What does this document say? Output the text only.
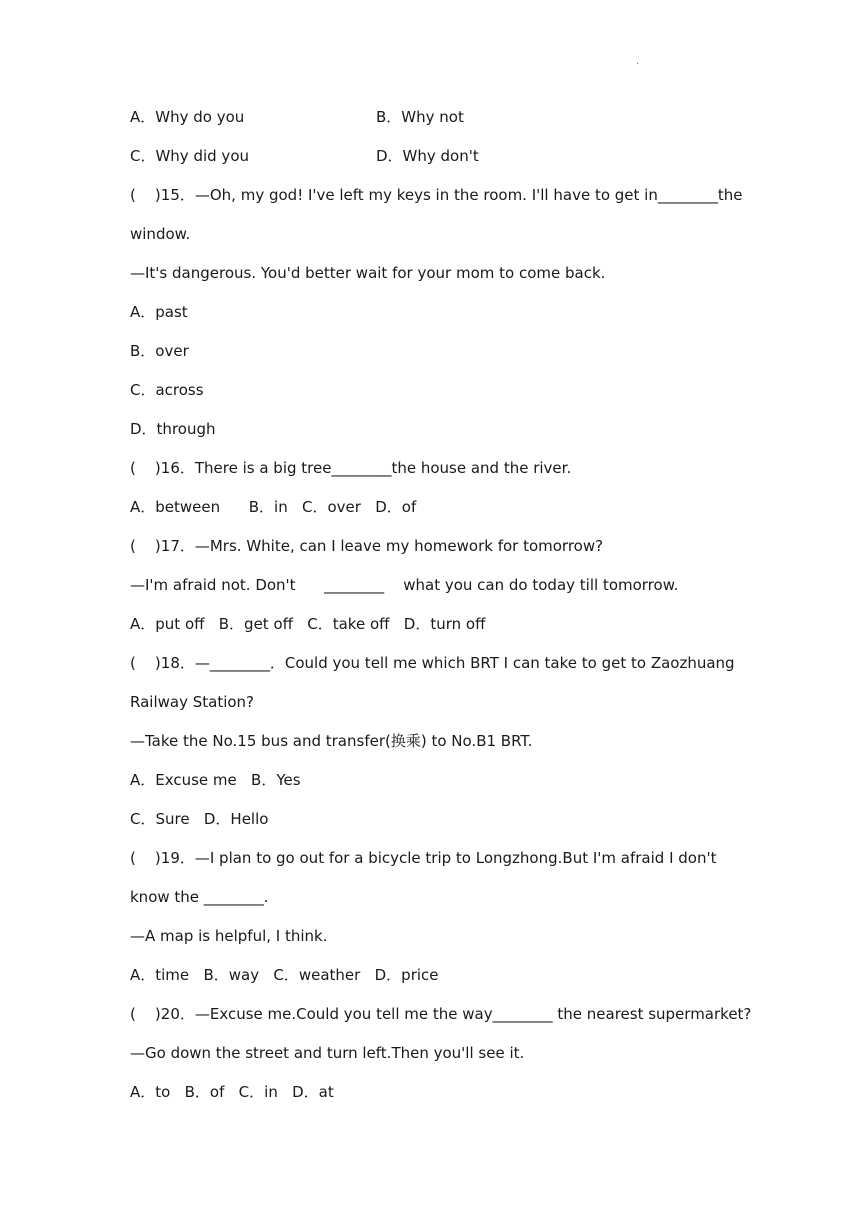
.
A．Why do you	B．Why not
C．Why did you	D．Why don't
(    )15．—Oh, my god! I've left my keys in the room. I'll have to get in________the
window.
—It's dangerous. You'd better wait for your mom to come back.
A．past
B．over
C．across
D．through
(    )16．There is a big tree________the house and the river.
A．between      B．in   C．over   D．of
(    )17．—Mrs. White, can I leave my homework for tomorrow?
—I'm afraid not. Don't      ________    what you can do today till tomorrow.
A．put off   B．get off   C．take off   D．turn off
(    )18．—________．Could you tell me which BRT I can take to get to Zaozhuang
Railway Station?
—Take the No.15 bus and transfer(换乘) to No.B1 BRT.
A．Excuse me   B．Yes
C．Sure   D．Hello
(    )19．—I plan to go out for a bicycle trip to Longzhong.But I'm afraid I don't
know the ________.
—A map is helpful, I think.
A．time   B．way   C．weather   D．price
(    )20．—Excuse me.Could you tell me the way________ the nearest supermarket?
—Go down the street and turn left.Then you'll see it.
A．to   B．of   C．in   D．at
